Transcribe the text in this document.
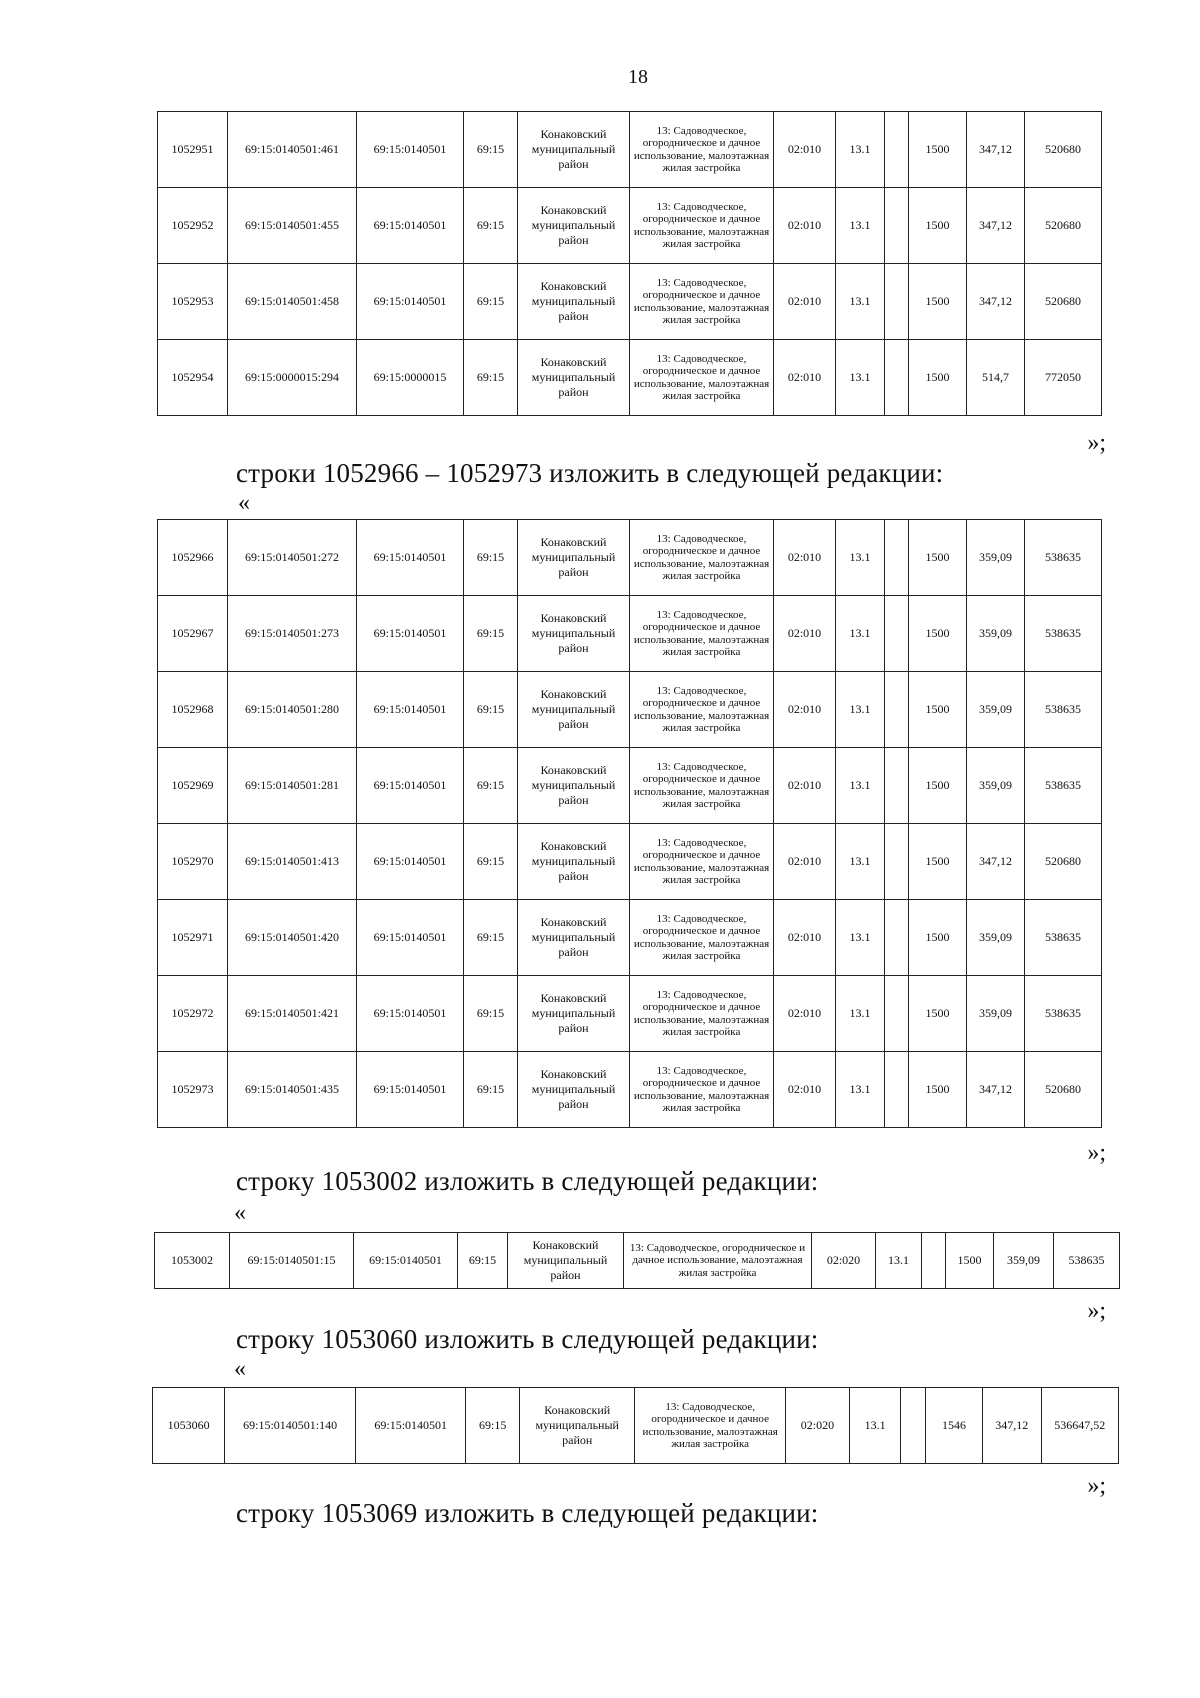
18
1052951	69:15:0140501:461	69:15:0140501	69:15	Конаковский муниципальный район	13: Садоводческое, огородническое и дачное использование, малоэтажная жилая застройка	02:010	13.1		1500	347,12	520680
1052952	69:15:0140501:455	69:15:0140501	69:15	Конаковский муниципальный район	13: Садоводческое, огородническое и дачное использование, малоэтажная жилая застройка	02:010	13.1		1500	347,12	520680
1052953	69:15:0140501:458	69:15:0140501	69:15	Конаковский муниципальный район	13: Садоводческое, огородническое и дачное использование, малоэтажная жилая застройка	02:010	13.1		1500	347,12	520680
1052954	69:15:0000015:294	69:15:0000015	69:15	Конаковский муниципальный район	13: Садоводческое, огородническое и дачное использование, малоэтажная жилая застройка	02:010	13.1		1500	514,7	772050
»;
строки 1052966 – 1052973 изложить в следующей редакции:
«
1052966	69:15:0140501:272	69:15:0140501	69:15	Конаковский муниципальный район	13: Садоводческое, огородническое и дачное использование, малоэтажная жилая застройка	02:010	13.1		1500	359,09	538635
1052967	69:15:0140501:273	69:15:0140501	69:15	Конаковский муниципальный район	13: Садоводческое, огородническое и дачное использование, малоэтажная жилая застройка	02:010	13.1		1500	359,09	538635
1052968	69:15:0140501:280	69:15:0140501	69:15	Конаковский муниципальный район	13: Садоводческое, огородническое и дачное использование, малоэтажная жилая застройка	02:010	13.1		1500	359,09	538635
1052969	69:15:0140501:281	69:15:0140501	69:15	Конаковский муниципальный район	13: Садоводческое, огородническое и дачное использование, малоэтажная жилая застройка	02:010	13.1		1500	359,09	538635
1052970	69:15:0140501:413	69:15:0140501	69:15	Конаковский муниципальный район	13: Садоводческое, огородническое и дачное использование, малоэтажная жилая застройка	02:010	13.1		1500	347,12	520680
1052971	69:15:0140501:420	69:15:0140501	69:15	Конаковский муниципальный район	13: Садоводческое, огородническое и дачное использование, малоэтажная жилая застройка	02:010	13.1		1500	359,09	538635
1052972	69:15:0140501:421	69:15:0140501	69:15	Конаковский муниципальный район	13: Садоводческое, огородническое и дачное использование, малоэтажная жилая застройка	02:010	13.1		1500	359,09	538635
1052973	69:15:0140501:435	69:15:0140501	69:15	Конаковский муниципальный район	13: Садоводческое, огородническое и дачное использование, малоэтажная жилая застройка	02:010	13.1		1500	347,12	520680
»;
строку 1053002 изложить в следующей редакции:
«
1053002	69:15:0140501:15	69:15:0140501	69:15	Конаковский муниципальный район	13: Садоводческое, огородническое и дачное использование, малоэтажная жилая застройка	02:020	13.1		1500	359,09	538635
»;
строку 1053060 изложить в следующей редакции:
«
1053060	69:15:0140501:140	69:15:0140501	69:15	Конаковский муниципальный район	13: Садоводческое, огородническое и дачное использование, малоэтажная жилая застройка	02:020	13.1		1546	347,12	536647,52
»;
строку 1053069 изложить в следующей редакции:
